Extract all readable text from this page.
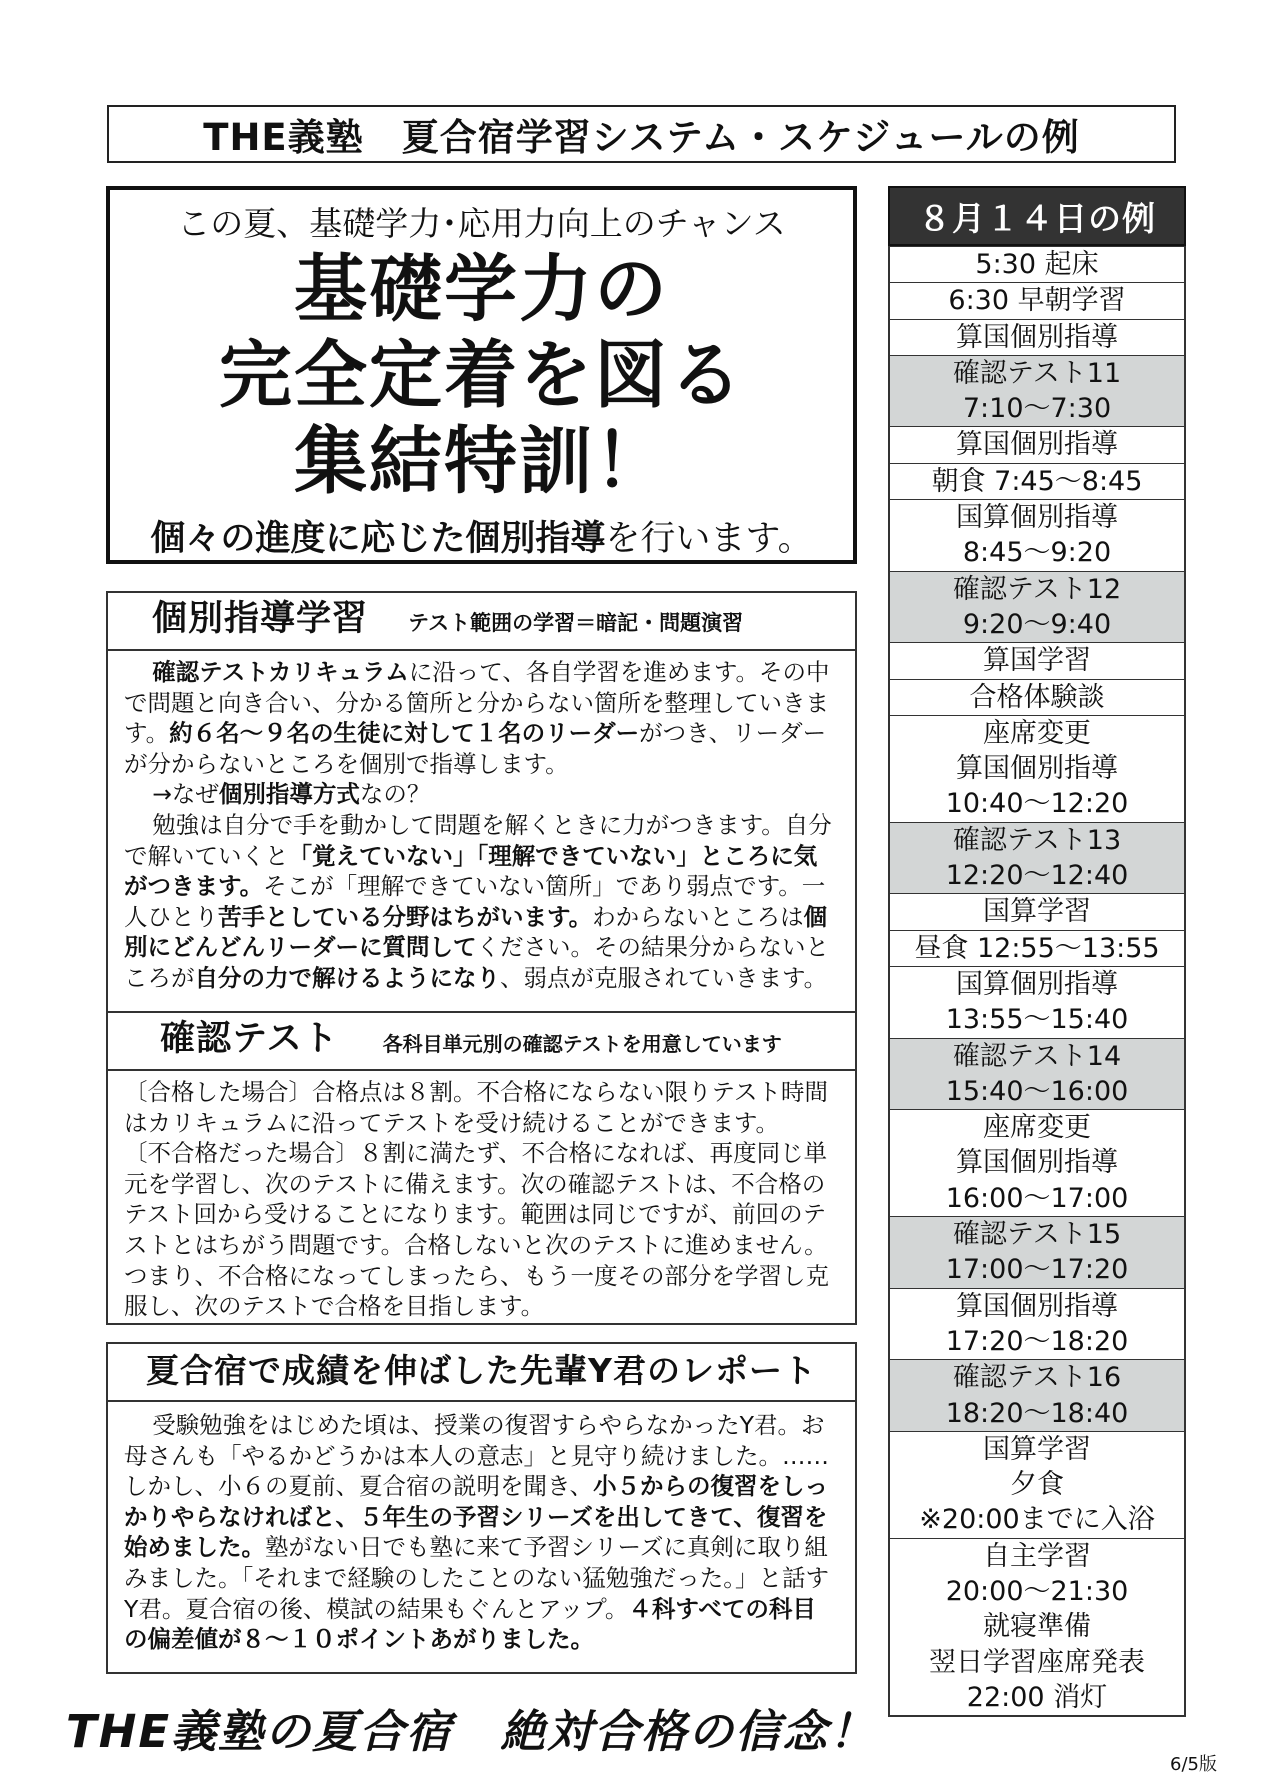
THE義塾　夏合宿学習システム・スケジュールの例
この夏、基礎学力･応用力向上のチャンス
基礎学力の
完全定着を図る
集結特訓！
個々の進度に応じた個別指導を行います。
個別指導学習 テスト範囲の学習＝暗記・問題演習

確認テストカリキュラムに沿って、各自学習を進めます。その中で問題と向き合い、分かる箇所と分からない箇所を整理していきます。約６名～９名の生徒に対して１名のリーダーがつき、リーダーが分からないところを個別で指導します。

→なぜ個別指導方式なの？

勉強は自分で手を動かして問題を解くときに力がつきます。自分で解いていくと「覚えていない」「理解できていない」ところに気がつきます。そこが「理解できていない箇所」であり弱点です。一人ひとり苦手としている分野はちがいます。わからないところは個別にどんどんリーダーに質問してください。その結果分からないところが自分の力で解けるようになり、弱点が克服されていきます。

確認テスト 各科目単元別の確認テストを用意しています

〔合格した場合〕合格点は８割。不合格にならない限りテスト時間はカリキュラムに沿ってテストを受け続けることができます。

〔不合格だった場合〕８割に満たず、不合格になれば、再度同じ単元を学習し、次のテストに備えます。次の確認テストは、不合格のテスト回から受けることになります。範囲は同じですが、前回のテストとはちがう問題です。合格しないと次のテストに進めません。つまり、不合格になってしまったら、もう一度その部分を学習し克服し、次のテストで合格を目指します。

夏合宿で成績を伸ばした先輩Y君のレポート

受験勉強をはじめた頃は、授業の復習すらやらなかったY君。お母さんも「やるかどうかは本人の意志」と見守り続けました。……しかし、小６の夏前、夏合宿の説明を聞き、小５からの復習をしっかりやらなければと、５年生の予習シリーズを出してきて、復習を始めました。塾がない日でも塾に来て予習シリーズに真剣に取り組みました。「それまで経験のしたことのない猛勉強だった。」と話すY君。夏合宿の後、模試の結果もぐんとアップ。４科すべての科目の偏差値が８～１０ポイントあがりました。

THE義塾の夏合宿　絶対合格の信念！
6/5版
８月１４日の例
5:30 起床
6:30 早朝学習
算国個別指導
確認テスト11
7:10～7:30
算国個別指導
朝食 7:45～8:45
国算個別指導
8:45～9:20
確認テスト12
9:20～9:40
算国学習
合格体験談
座席変更
算国個別指導
10:40～12:20
確認テスト13
12:20～12:40
国算学習
昼食 12:55～13:55
国算個別指導
13:55～15:40
確認テスト14
15:40～16:00
座席変更
算国個別指導
16:00～17:00
確認テスト15
17:00～17:20
算国個別指導
17:20～18:20
確認テスト16
18:20～18:40
国算学習
夕食
※20:00までに入浴
自主学習
20:00～21:30
就寝準備
翌日学習座席発表
22:00 消灯
